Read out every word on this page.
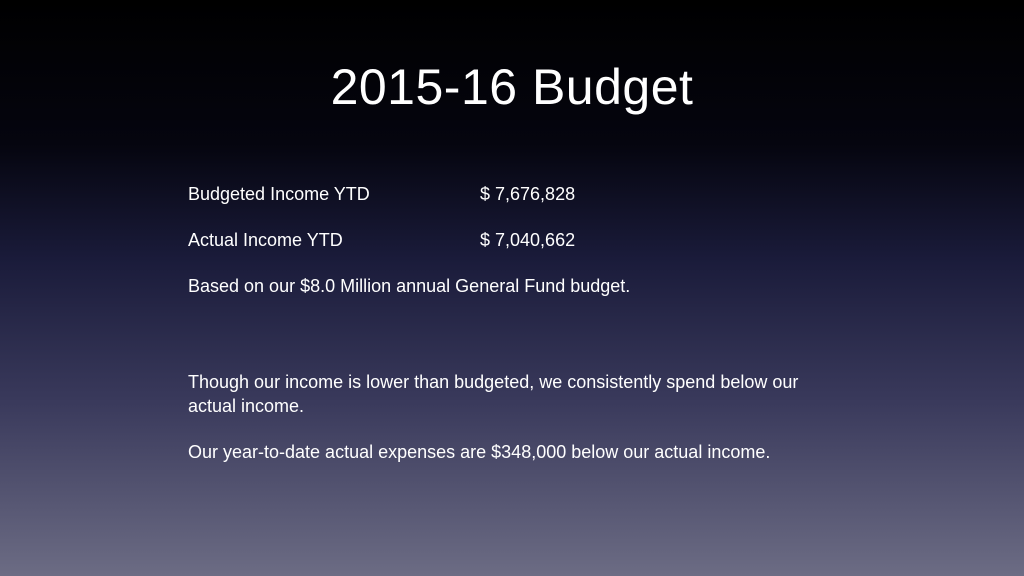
2015-16 Budget
Budgeted Income YTD	$ 7,676,828
Actual Income YTD	$ 7,040,662

Based on our $8.0 Million annual General Fund budget.

Though our income is lower than budgeted, we consistently spend below our actual income.

Our year-to-date actual expenses are $348,000 below our actual income.
